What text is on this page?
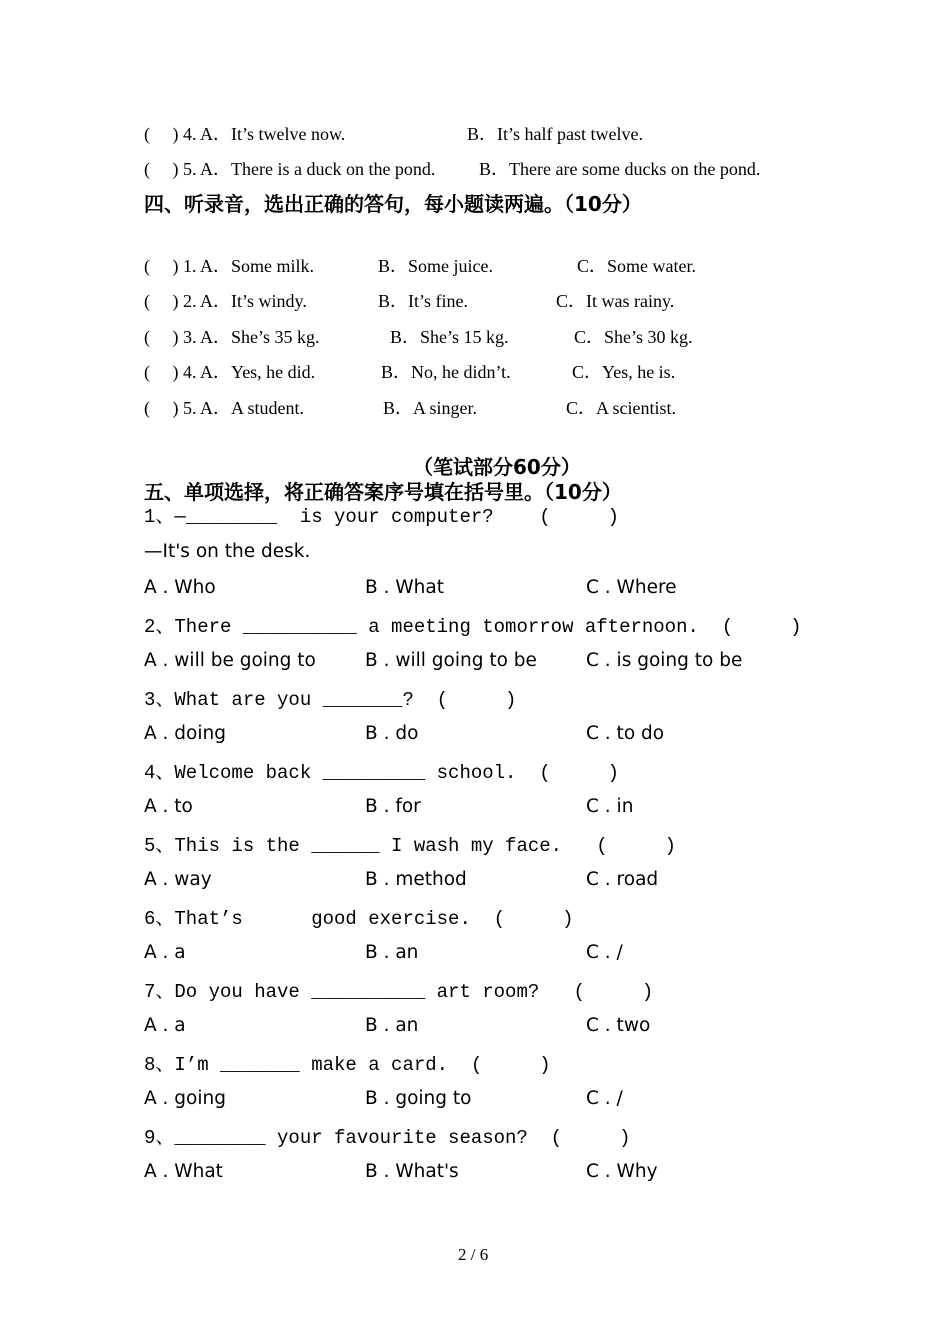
(     ) 4. A．It’s twelve now.	B．It’s half past twelve.
(     ) 5. A．There is a duck on the pond. B．There are some ducks on the pond.
四、听录音，选出正确的答句，每小题读两遍。（10分）
(     ) 1. A．Some milk.	B．Some juice.	C．Some water.
(     ) 2. A．It’s windy.	B．It’s fine.	C．It was rainy.
(     ) 3. A．She’s 35 kg.	B．She’s 15 kg.	C．She’s 30 kg.
(     ) 4. A．Yes, he did.	B．No, he didn’t.	C．Yes, he is.
(     ) 5. A．A student.	B．A singer.	C．A scientist.
（笔试部分60分）
五、单项选择，将正确答案序号填在括号里。（10分）
1、—________  is your computer?    (     )
—It's on the desk.
A . Who	B . What	C . Where
2、There __________ a meeting tomorrow afternoon.  (     )
A . will be going to	B . will going to be	C . is going to be
3、What are you _______?  (     )
A . doing	B . do	C . to do
4、Welcome back _________ school.  (     )
A . to	B . for	C . in
5、This is the ______ I wash my face.   (     )
A . way	B . method	C . road
6、That’s      good exercise.  (     )
A . a	B . an	C . /
7、Do you have __________ art room?   (     )
A . a	B . an	C . two
8、I’m _______ make a card.  (     )
A . going	B . going to	C . /
9、________ your favourite season?  (     )
A . What	B . What's	C . Why
2 / 6
